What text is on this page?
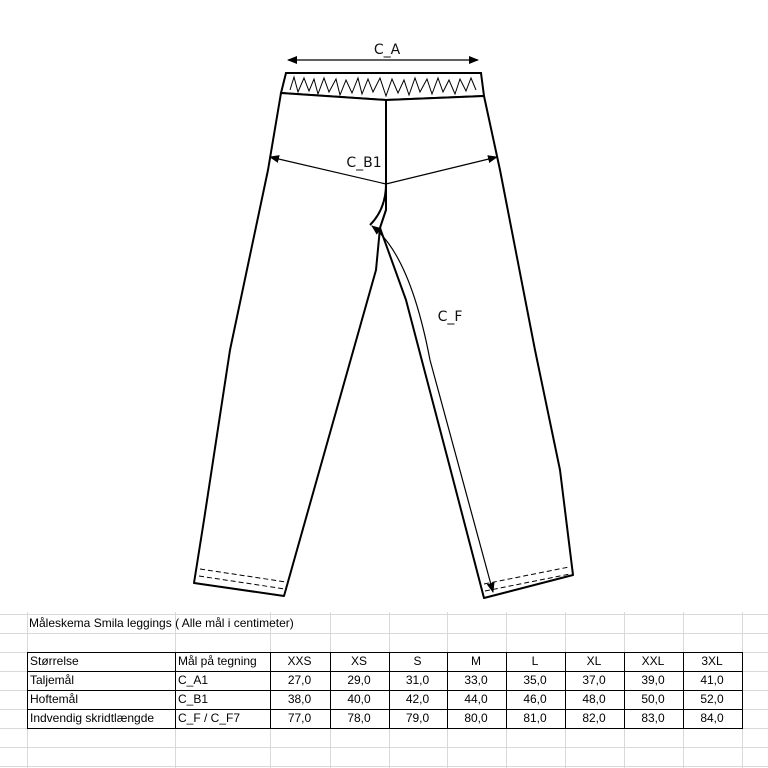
C_A
C_B1
C_F
Måleskema Smila leggings ( Alle mål i centimeter)
Størrelse	Mål på tegning	XXS	XS	S	M	L	XL	XXL	3XL
Taljemål	C_A1	27,0	29,0	31,0	33,0	35,0	37,0	39,0	41,0
Hoftemål	C_B1	38,0	40,0	42,0	44,0	46,0	48,0	50,0	52,0
Indvendig skridtlængde	C_F / C_F7	77,0	78,0	79,0	80,0	81,0	82,0	83,0	84,0
